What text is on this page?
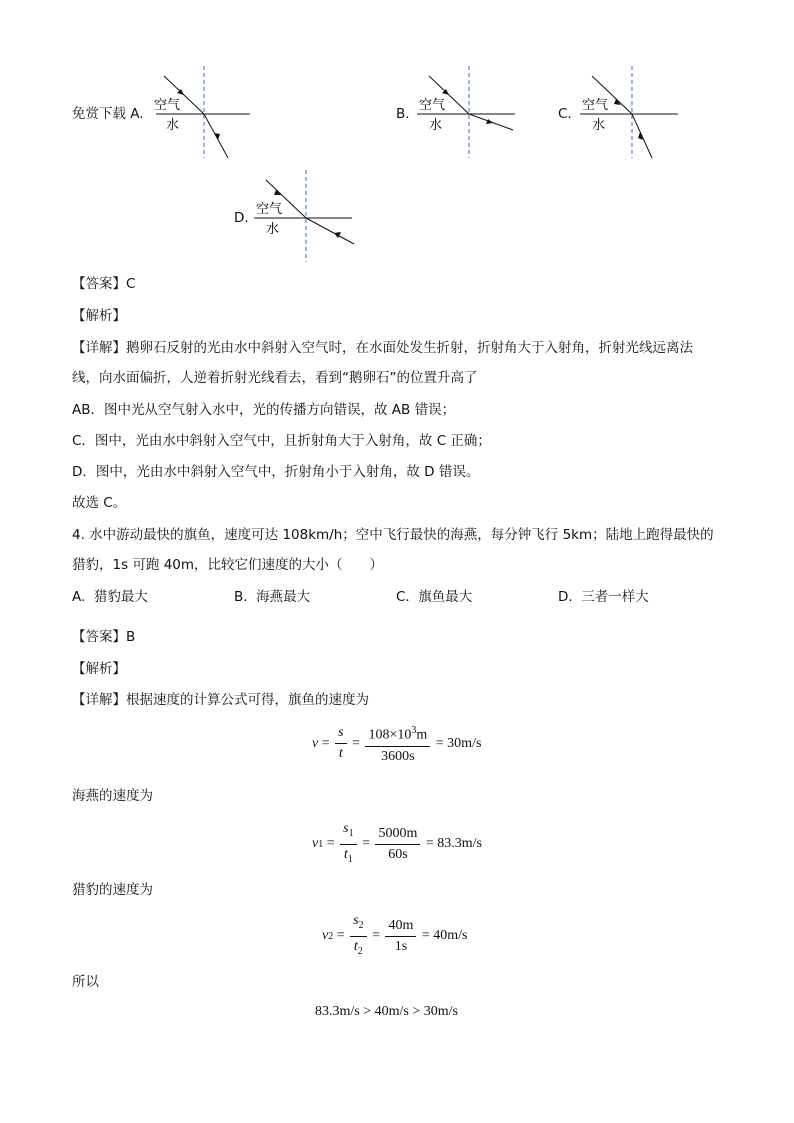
免赏下载 A.
空气
水
B.
空气
水
C.
空气
水
D.
空气
水
【答案】C
【解析】
【详解】鹅卵石反射的光由水中斜射入空气时，在水面处发生折射，折射角大于入射角，折射光线远离法
线，向水面偏折，人逆着折射光线看去，看到“鹅卵石”的位置升高了
AB．图中光从空气射入水中，光的传播方向错误，故 AB 错误；
C．图中，光由水中斜射入空气中，且折射角大于入射角，故 C 正确；
D．图中，光由水中斜射入空气中，折射角小于入射角，故 D 错误。
故选 C。
4. 水中游动最快的旗鱼，速度可达 108km/h；空中飞行最快的海燕，每分钟飞行 5km；陆地上跑得最快的
猎豹，1s 可跑 40m，比较它们速度的大小（　　）
A. 猎豹最大	B. 海燕最大	C. 旗鱼最大	D. 三者一样大
【答案】B
【解析】
【详解】根据速度的计算公式可得，旗鱼的速度为
$v = \frac{s}{t} = \frac{108\times 10^3m}{3600s}$
= 30m/s
海燕的速度为
v $1 = \frac{s_1}{t_1} = \frac{5000m}{60s}$
= 83.3m/s
猎豹的速度为
v $2 = \frac{s_2}{t_2} = \frac{40m}{1s}$
= 40m/s
所以
83.3m/s > 40m/s > 30m/s
